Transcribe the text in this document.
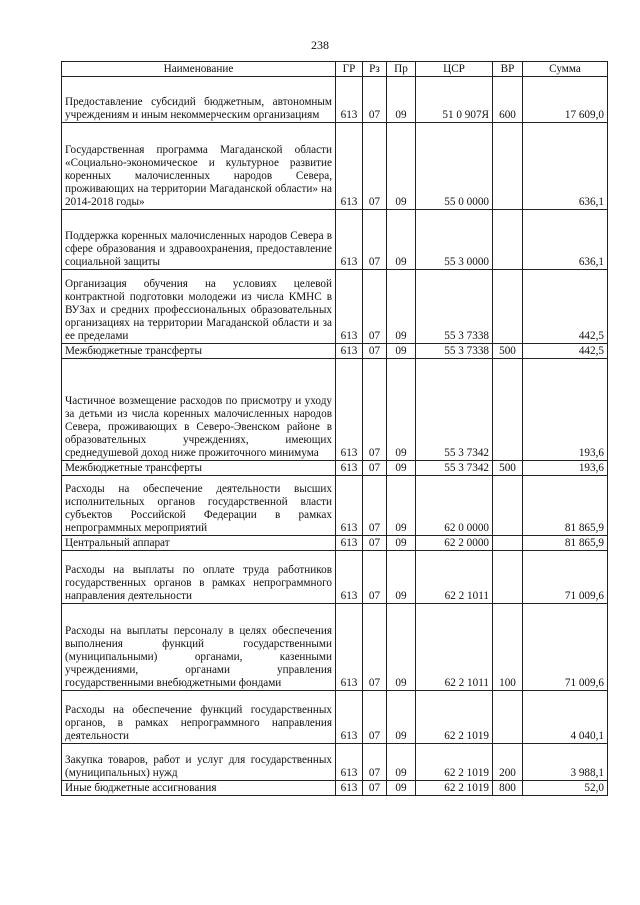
238
Наименование	ГР	Рз	Пр	ЦСР	ВР	Сумма
Предоставление субсидий бюджетным, автономным учреждениям и иным некоммерческим организациям	613	07	09	51 0 907Я	600	17 609,0
Государственная программа Магаданской области «Социально-экономическое и культурное развитие коренных малочисленных народов Севера, проживающих на территории Магаданской области» на 2014-2018 годы»	613	07	09	55 0 0000		636,1
Поддержка коренных малочисленных народов Севера в сфере образования и здравоохранения, предоставление социальной защиты	613	07	09	55 3 0000		636,1
Организация обучения на условиях целевой контрактной подготовки молодежи из числа КМНС в ВУЗах и средних профессиональных образовательных организациях на территории Магаданской области и за ее пределами	613	07	09	55 3 7338		442,5
Межбюджетные трансферты	613	07	09	55 3 7338	500	442,5
Частичное возмещение расходов по присмотру и уходу за детьми из числа коренных малочисленных народов Севера, проживающих в Северо-Эвенском районе в образовательных учреждениях, имеющих среднедушевой доход ниже прожиточного минимума	613	07	09	55 3 7342		193,6
Межбюджетные трансферты	613	07	09	55 3 7342	500	193,6
Расходы на обеспечение деятельности высших исполнительных органов государственной власти субъектов Российской Федерации в рамках непрограммных мероприятий	613	07	09	62 0 0000		81 865,9
Центральный аппарат	613	07	09	62 2 0000		81 865,9
Расходы на выплаты по оплате труда работников государственных органов в рамках непрограммного направления деятельности	613	07	09	62 2 1011		71 009,6
Расходы на выплаты персоналу в целях обеспечения выполнения функций государственными (муниципальными) органами, казенными учреждениями, органами управления государственными внебюджетными фондами	613	07	09	62 2 1011	100	71 009,6
Расходы на обеспечение функций государственных органов, в рамках непрограммного направления деятельности	613	07	09	62 2 1019		4 040,1
Закупка товаров, работ и услуг для государственных (муниципальных) нужд	613	07	09	62 2 1019	200	3 988,1
Иные бюджетные ассигнования	613	07	09	62 2 1019	800	52,0
